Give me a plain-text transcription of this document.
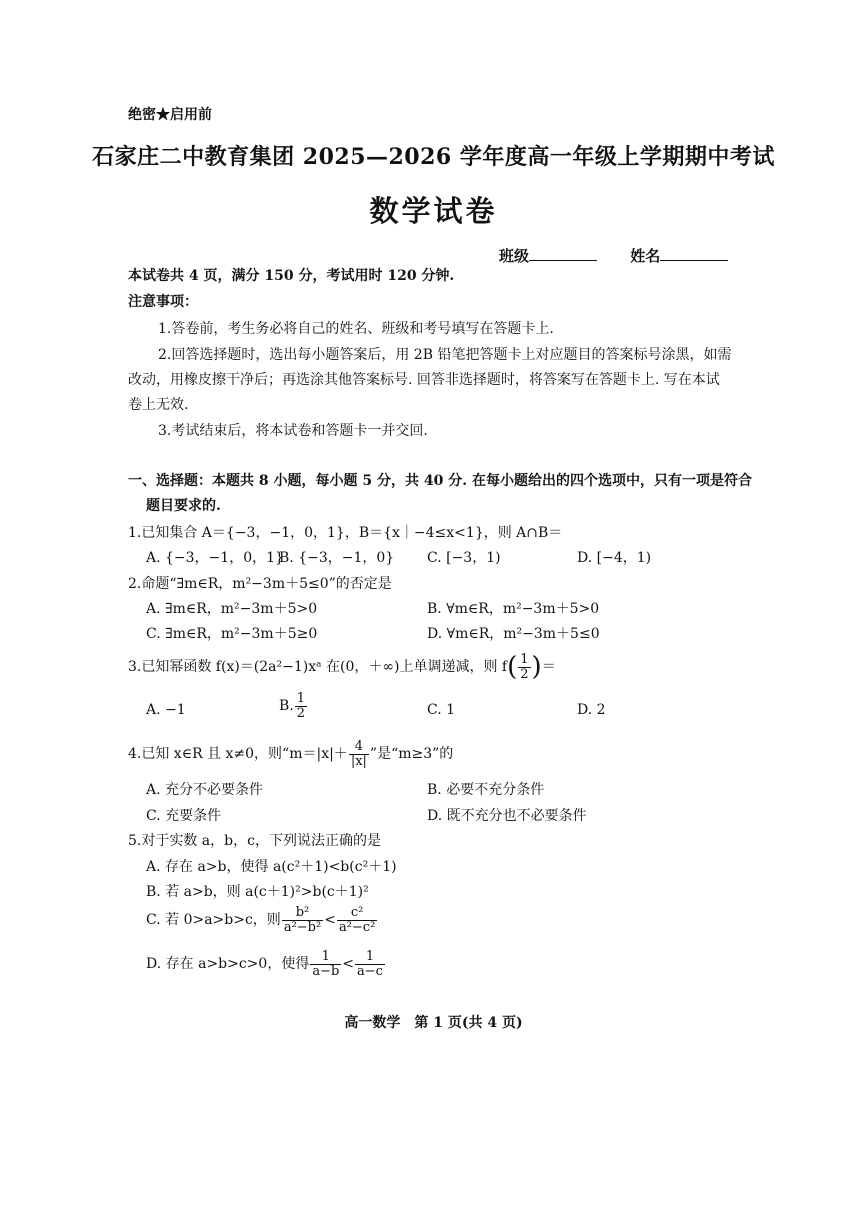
绝密★启用前
石家庄二中教育集团 2025—2026 学年度高一年级上学期期中考试
数学试卷
班级	姓名
本试卷共 4 页，满分 150 分，考试用时 120 分钟.
注意事项：
1.答卷前，考生务必将自己的姓名、班级和考号填写在答题卡上.
2.回答选择题时，选出每小题答案后，用 2B 铅笔把答题卡上对应题目的答案标号涂黑，如需
改动，用橡皮擦干净后；再选涂其他答案标号. 回答非选择题时，将答案写在答题卡上. 写在本试
卷上无效.
3.考试结束后，将本试卷和答题卡一并交回.
一、选择题：本题共 8 小题，每小题 5 分，共 40 分. 在每小题给出的四个选项中，只有一项是符合
题目要求的.
1.已知集合 A＝{−3，−1，0，1}，B＝{x｜−4≤x<1}，则 A∩B＝
A. {−3，−1，0，1}
B. {−3，−1，0} C. [−3，1)	D. [−4，1)
2.命题“∃m∈R，m²−3m＋5≤0”的否定是
A. ∃m∈R，m²−3m＋5>0	B. ∀m∈R，m²−3m＋5>0
C. ∃m∈R，m²−3m＋5≥0	D. ∀m∈R，m²−3m＋5≤0
3.已知幂函数 f(x)＝(2a²−1)xᵃ 在(0，＋∞)上单调递减，则 $f( \frac{1}{2}$ )＝
A. −1	B. $\frac{1}{2}$	C. 1	D. 2
4.已知 x∈R 且 x≠0，则“$m=|x|+ \frac{4}{|x|}$ ”是“m≥3”的
A. 充分不必要条件	B. 必要不充分条件
C. 充要条件	D. 既不充分也不必要条件
5.对于实数 a，b，c，下列说法正确的是
A. 存在 a>b，使得 a(c²＋1)<b(c²＋1)
B. 若 a>b，则 a(c＋1)²>b(c＋1)²
C. 若 0>a>b>c，则 $\frac{\text{b²}}{\text{a²−b²}} < \frac{\text{c²}}{\text{a²−c²}}$
D. 存在 a>b>c>0，使得 $\frac{1}{a-b} < \frac{1}{a-c}$
高一数学　第 1 页(共 4 页)
